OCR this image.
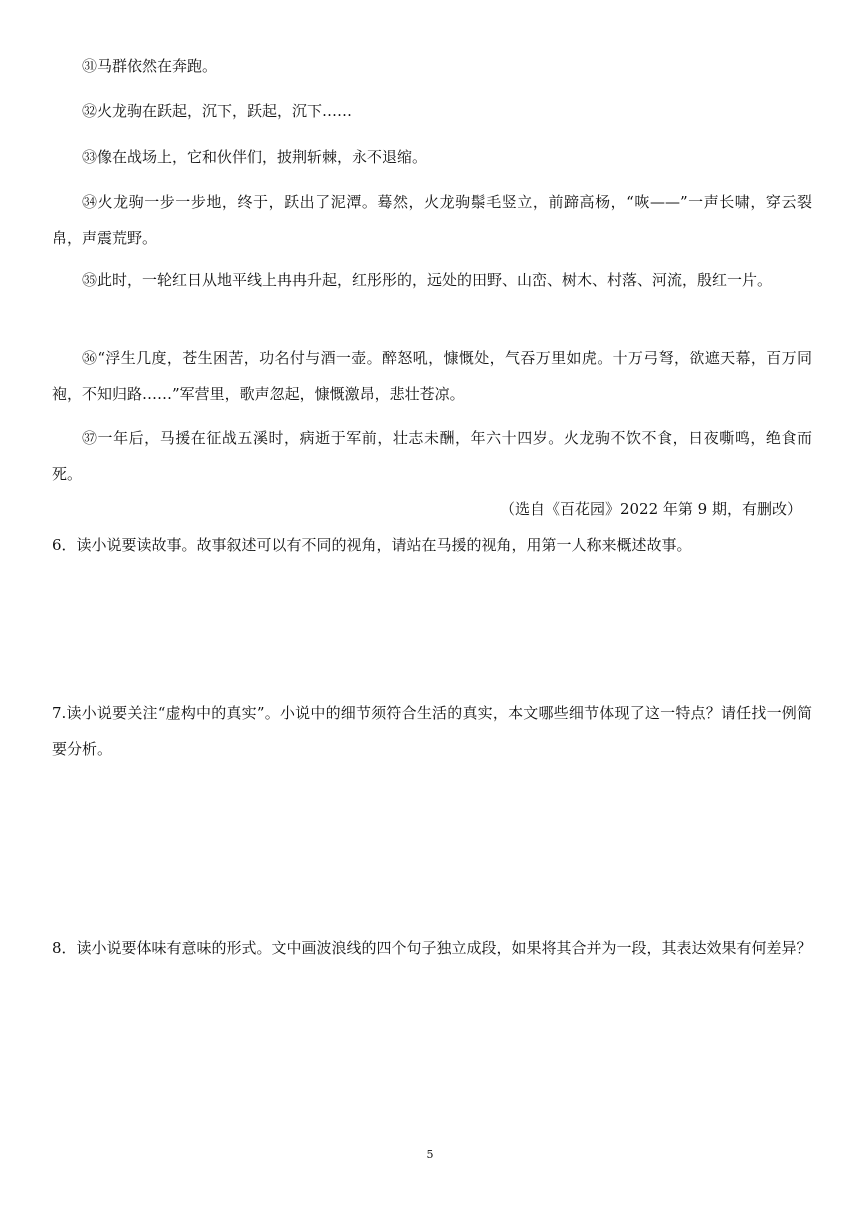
㉛马群依然在奔跑。

㉜火龙驹在跃起，沉下，跃起，沉下……

㉝像在战场上，它和伙伴们，披荆斩棘，永不退缩。

㉞火龙驹一步一步地，终于，跃出了泥潭。蓦然，火龙驹鬃毛竖立，前蹄高杨，“咴——”一声长啸，穿云裂帛，声震荒野。

㉟此时，一轮红日从地平线上冉冉升起，红彤彤的，远处的田野、山峦、树木、村落、河流，殷红一片。

㊱“浮生几度，苍生困苦，功名付与酒一壶。醉怒吼，慷慨处，气吞万里如虎。十万弓弩，欲遮天幕，百万同袍，不知归路……”军营里，歌声忽起，慷慨激昂，悲壮苍凉。

㊲一年后，马援在征战五溪时，病逝于军前，壮志未酬，年六十四岁。火龙驹不饮不食，日夜嘶鸣，绝食而死。

（选自《百花园》2022 年第 9 期，有删改）

6．读小说要读故事。故事叙述可以有不同的视角，请站在马援的视角，用第一人称来概述故事。

7.读小说要关注“虚构中的真实”。小说中的细节须符合生活的真实，本文哪些细节体现了这一特点？请任找一例简要分析。

8．读小说要体味有意味的形式。文中画波浪线的四个句子独立成段，如果将其合并为一段，其表达效果有何差异？

5
